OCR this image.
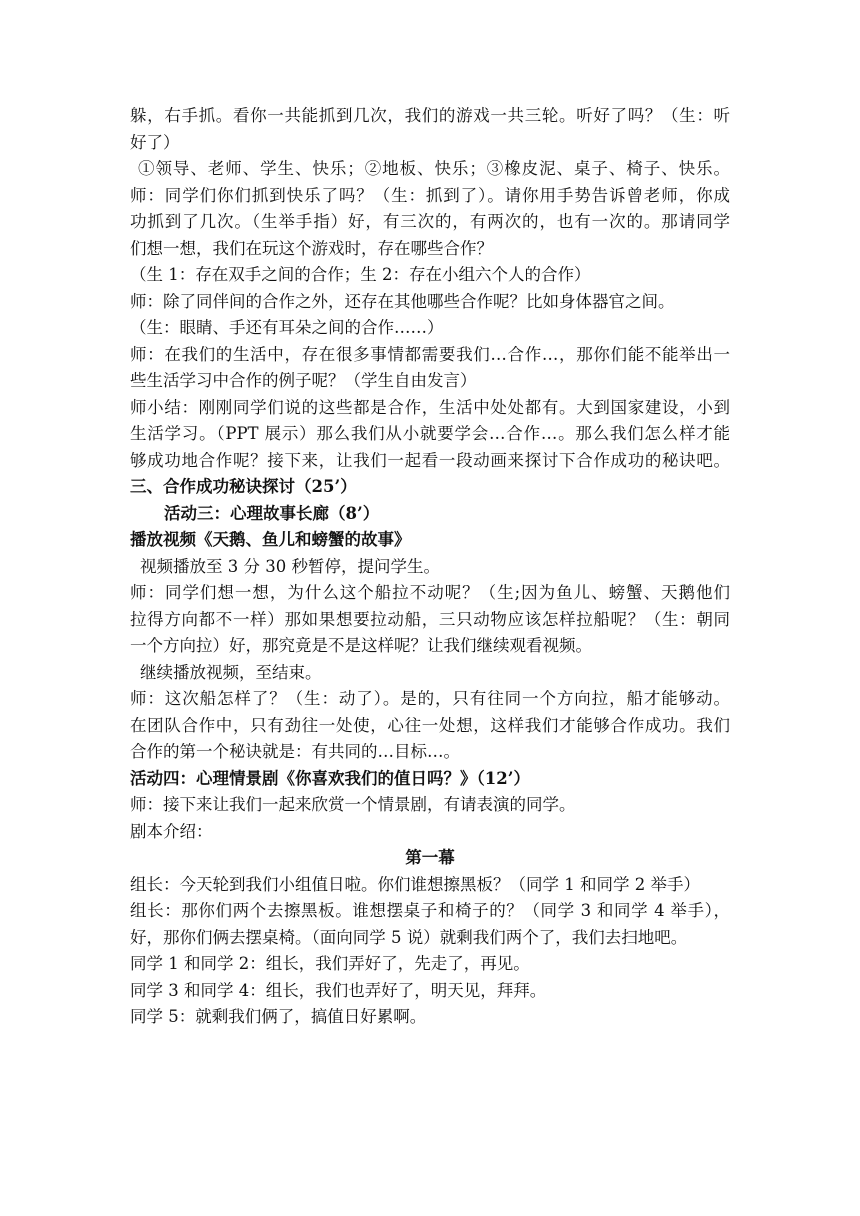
躲，右手抓。看你一共能抓到几次，我们的游戏一共三轮。听好了吗？（生：听
好了）
①领导、老师、学生、快乐；②地板、快乐；③橡皮泥、桌子、椅子、快乐。
师：同学们你们抓到快乐了吗？（生：抓到了）。请你用手势告诉曾老师，你成
功抓到了几次。（生举手指）好，有三次的，有两次的，也有一次的。那请同学
们想一想，我们在玩这个游戏时，存在哪些合作？
（生 1：存在双手之间的合作；生 2：存在小组六个人的合作）
师：除了同伴间的合作之外，还存在其他哪些合作呢？比如身体器官之间。
（生：眼睛、手还有耳朵之间的合作……）
师：在我们的生活中，存在很多事情都需要我们…合作…，那你们能不能举出一
些生活学习中合作的例子呢？（学生自由发言）
师小结：刚刚同学们说的这些都是合作，生活中处处都有。大到国家建设，小到
生活学习。（PPT 展示）那么我们从小就要学会…合作…。那么我们怎么样才能
够成功地合作呢？接下来，让我们一起看一段动画来探讨下合作成功的秘诀吧。
三、合作成功秘诀探讨（25’）
活动三：心理故事长廊（8’）
播放视频《天鹅、鱼儿和螃蟹的故事》
视频播放至 3 分 30 秒暂停，提问学生。
师：同学们想一想，为什么这个船拉不动呢？（生;因为鱼儿、螃蟹、天鹅他们
拉得方向都不一样）那如果想要拉动船，三只动物应该怎样拉船呢？（生：朝同
一个方向拉）好，那究竟是不是这样呢？让我们继续观看视频。
继续播放视频，至结束。
师：这次船怎样了？（生：动了）。是的，只有往同一个方向拉，船才能够动。
在团队合作中，只有劲往一处使，心往一处想，这样我们才能够合作成功。我们
合作的第一个秘诀就是：有共同的…目标…。
活动四：心理情景剧《你喜欢我们的值日吗？》（12’）
师：接下来让我们一起来欣赏一个情景剧，有请表演的同学。
剧本介绍：
第一幕
组长：今天轮到我们小组值日啦。你们谁想擦黑板？（同学 1 和同学 2 举手）
组长：那你们两个去擦黑板。谁想摆桌子和椅子的？（同学 3 和同学 4 举手），
好，那你们俩去摆桌椅。（面向同学 5 说）就剩我们两个了，我们去扫地吧。
同学 1 和同学 2：组长，我们弄好了，先走了，再见。
同学 3 和同学 4：组长，我们也弄好了，明天见，拜拜。
同学 5：就剩我们俩了，搞值日好累啊。
